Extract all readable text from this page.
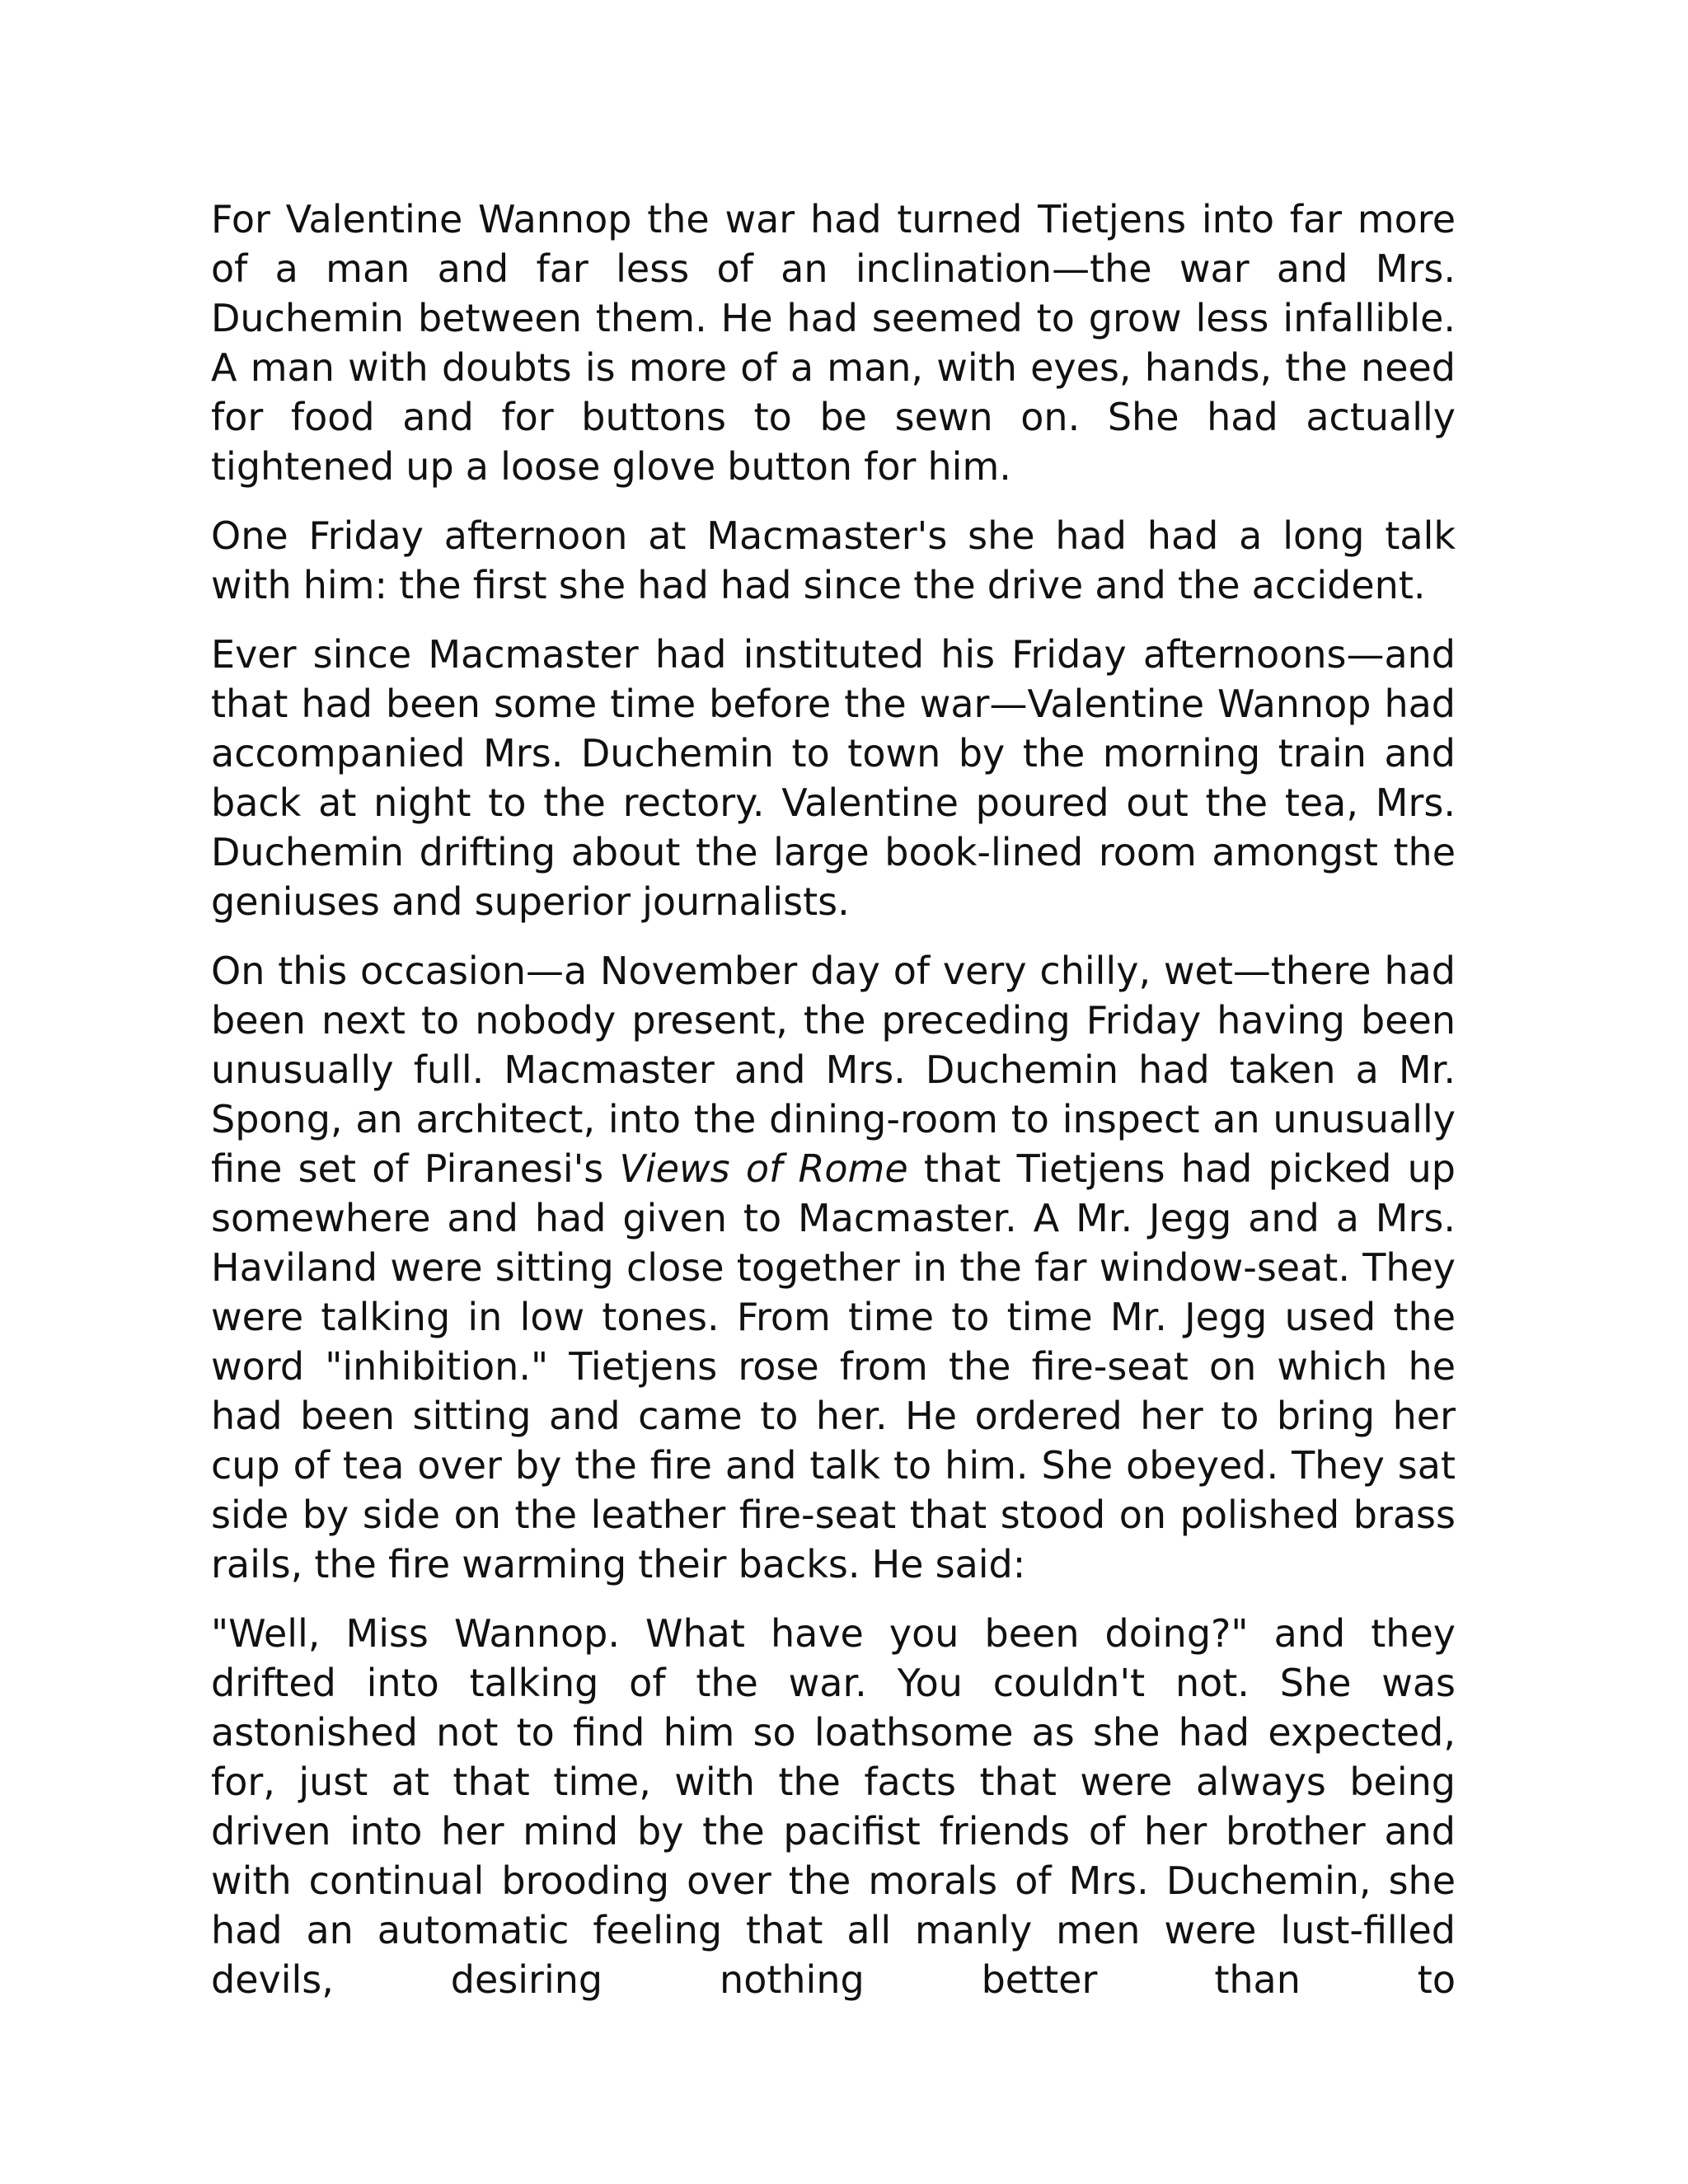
For Valentine Wannop the war had turned Tietjens into far more of a man and far less of an inclination—the war and Mrs. Duchemin between them. He had seemed to grow less infallible. A man with doubts is more of a man, with eyes, hands, the need for food and for buttons to be sewn on. She had actually tightened up a loose glove button for him.

One Friday afternoon at Macmaster's she had had a long talk with him: the first she had had since the drive and the accident.

Ever since Macmaster had instituted his Friday afternoons—and that had been some time before the war—Valentine Wannop had accompanied Mrs. Duchemin to town by the morning train and back at night to the rectory. Valentine poured out the tea, Mrs. Duchemin drifting about the large book-lined room amongst the geniuses and superior journalists.

On this occasion—a November day of very chilly, wet—there had been next to nobody present, the preceding Friday having been unusually full. Macmaster and Mrs. Duchemin had taken a Mr. Spong, an architect, into the dining-room to inspect an unusually fine set of Piranesi's Views of Rome that Tietjens had picked up somewhere and had given to Macmaster. A Mr. Jegg and a Mrs. Haviland were sitting close together in the far window-seat. They were talking in low tones. From time to time Mr. Jegg used the word "inhibition." Tietjens rose from the fire-seat on which he had been sitting and came to her. He ordered her to bring her cup of tea over by the fire and talk to him. She obeyed. They sat side by side on the leather fire-seat that stood on polished brass rails, the fire warming their backs. He said:

"Well, Miss Wannop. What have you been doing?" and they drifted into talking of the war. You couldn't not. She was astonished not to find him so loathsome as she had expected, for, just at that time, with the facts that were always being driven into her mind by the pacifist friends of her brother and with continual brooding over the morals of Mrs. Duchemin, she had an automatic feeling that all manly men were lust-filled devils, desiring nothing better than to
